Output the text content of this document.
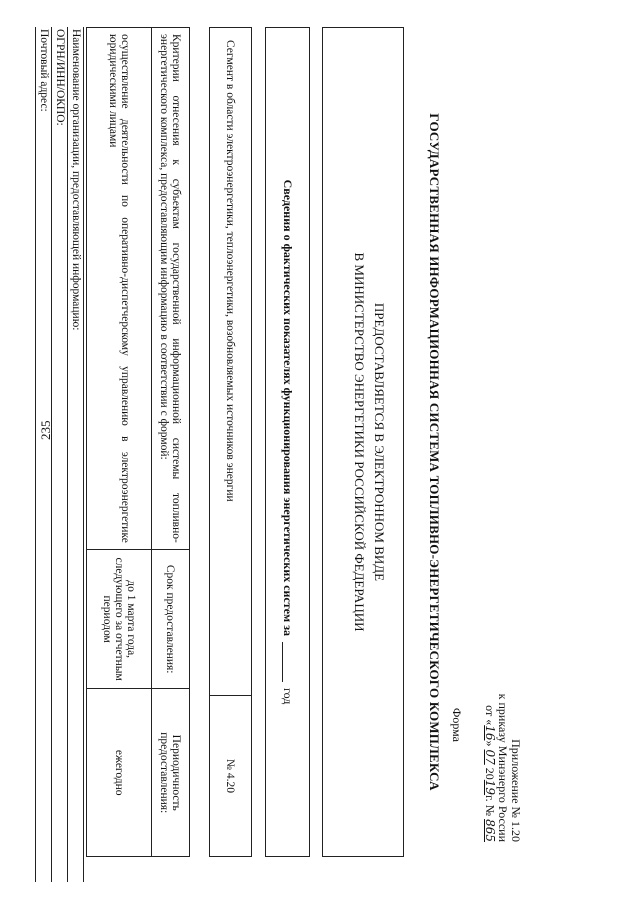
235
Приложение № 1.20
к приказу Минэнерго России
от «16» 07 2019г. № 865
Форма
ГОСУДАРСТВЕННАЯ ИНФОРМАЦИОННАЯ СИСТЕМА ТОПЛИВНО-ЭНЕРГЕТИЧЕСКОГО КОМПЛЕКСА
ПРЕДОСТАВЛЯЕТСЯ В ЭЛЕКТРОННОМ ВИДЕ
В МИНИСТЕРСТВО ЭНЕРГЕТИКИ РОССИЙСКОЙ ФЕДЕРАЦИИ
Сведения о фактических показателях функционирования энергетических систем за
год
Сегмент в области электроэнергетики, теплоэнергетики, возобновляемых источников энергии
№ 4.20
Критерии отнесения к субъектам государственной информационной системы топливно-энергетического комплекса, предоставляющим информацию в соответствии с формой:	Срок предоставления:	Периодичность предоставления:
осуществление деятельности по оперативно-диспетчерскому управлению в электроэнергетике юридическими лицами	до 1 марта года, следующего за отчетным периодом	ежегодно
Наименование организации, предоставляющей информацию:
ОГРН/ИНН/ОКПО:
Почтовый адрес:
